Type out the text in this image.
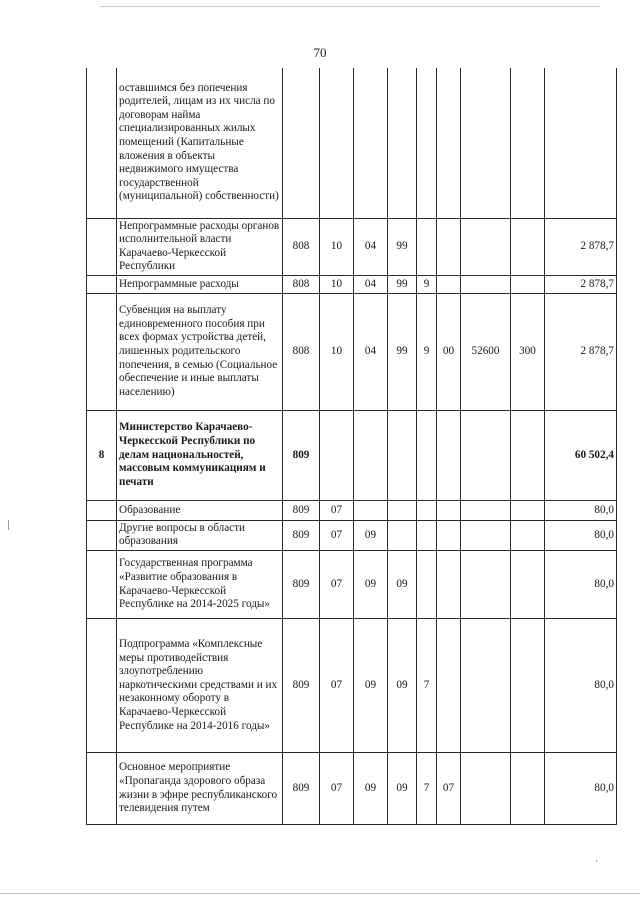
70
	оставшимся без попечения родителей, лицам из их числа по договорам найма специализированных жилых помещений (Капитальные вложения в объекты недвижимого имущества государственной (муниципальной) собственности)									
	Непрограммные расходы органов исполнительной власти Карачаево-Черкесской Республики	808	10	04	99					2 878,7
	Непрограммные расходы	808	10	04	99	9				2 878,7
	Субвенция на выплату единовременного пособия при всех формах устройства детей, лишенных родительского попечения, в семью (Социальное обеспечение и иные выплаты населению)	808	10	04	99	9	00	52600	300	2 878,7
8	Министерство Карачаево-Черкесской Республики по делам национальностей, массовым коммуникациям и печати	809								60 502,4
	Образование	809	07							80,0
	Другие вопросы в области образования	809	07	09						80,0
	Государственная программа «Развитие образования в Карачаево-Черкесской Республике на 2014-2025 годы»	809	07	09	09					80,0
	Подпрограмма «Комплексные меры противодействия злоупотреблению наркотическими средствами и их незаконному обороту в Карачаево-Черкесской Республике на 2014-2016 годы»	809	07	09	09	7				80,0
	Основное мероприятие «Пропаганда здорового образа жизни в эфире республиканского телевидения путем	809	07	09	09	7	07			80,0
